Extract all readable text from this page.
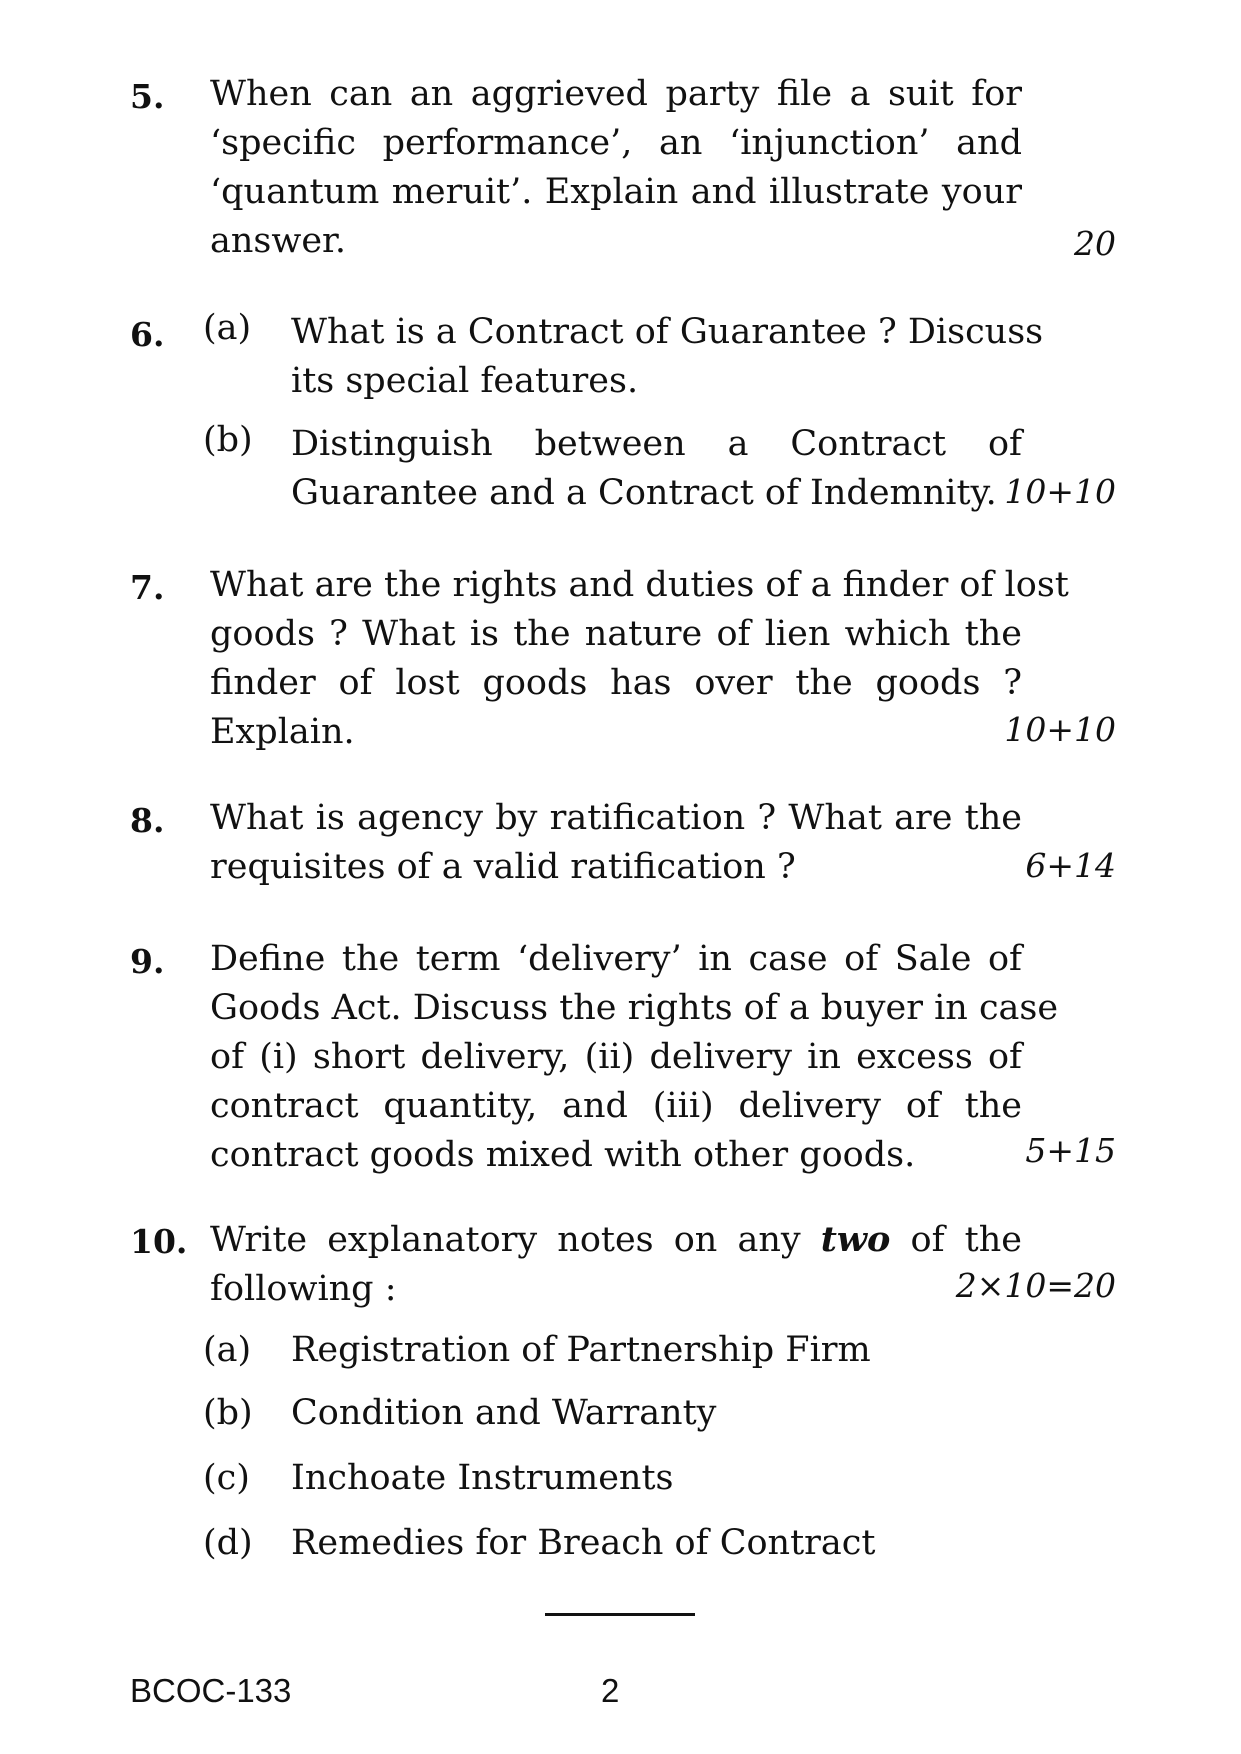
5. When can an aggrieved party file a suit for
‘specific performance’, an ‘injunction’ and
‘quantum meruit’. Explain and illustrate your
answer.	20
6. (a) What is a Contract of Guarantee ? Discuss
its special features.
(b) Distinguish between a Contract of
Guarantee and a Contract of Indemnity. 10+10
7. What are the rights and duties of a finder of lost
goods ? What is the nature of lien which the
finder of lost goods has over the goods ?
Explain.	10+10
8. What is agency by ratification ? What are the
requisites of a valid ratification ?	6+14
9. Define the term ‘delivery’ in case of Sale of
Goods Act. Discuss the rights of a buyer in case
of (i) short delivery, (ii) delivery in excess of
contract quantity, and (iii) delivery of the
contract goods mixed with other goods.	5+15
10. Write explanatory notes on any two of the
following :	2×10=20
(a) Registration of Partnership Firm
(b) Condition and Warranty
(c) Inchoate Instruments
(d) Remedies for Breach of Contract
BCOC-133	2
